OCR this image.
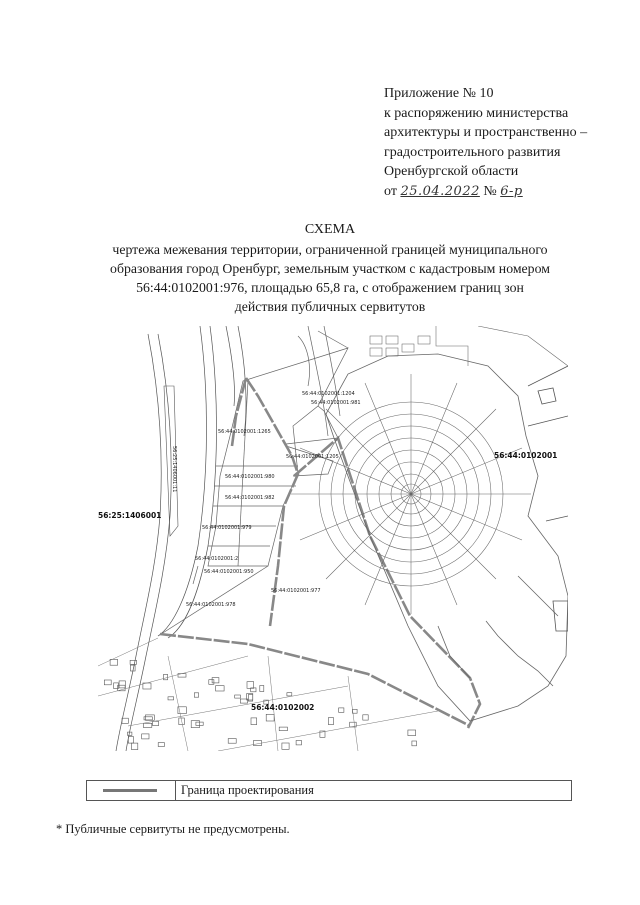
Приложение № 10
к распоряжению министерства
архитектуры и пространственно –
градостроительного развития
Оренбургской области
от 25.04.2022 № 6-р
СХЕМА
чертежа межевания территории, ограниченной границей муниципального
образования город Оренбург, земельным участком с кадастровым номером
56:44:0102001:976, площадью 65,8 га, с отображением границ зон
действия публичных сервитутов
56:25:1406001:11
56:44:0102001:1204
56:44:0102001:981
56:44:0102001:1265
56:44:0102001:1205
56:44:0102001:980
56:44:0102001:982
56:44:0102001:979
56:44:0102001:2
56:44:0102001:950
56:44:0102001:977
56:44:0102001:978
56:44:0102001
56:25:1406001
56:44:0102002
Граница проектирования
* Публичные сервитуты не предусмотрены.
